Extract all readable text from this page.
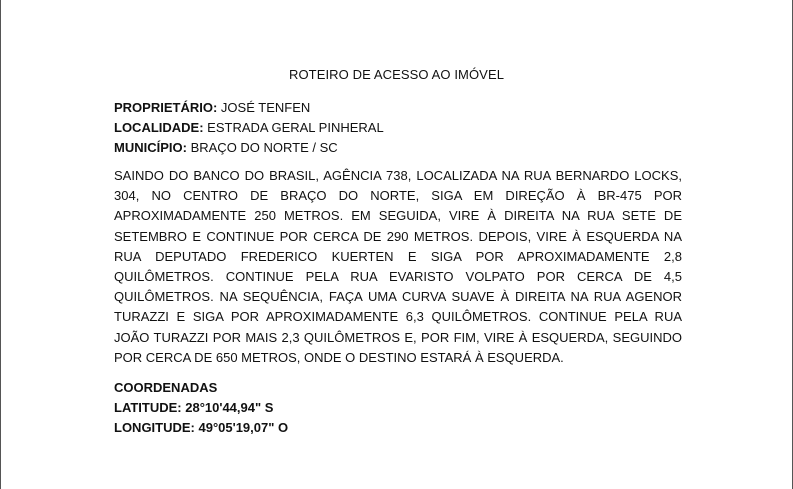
ROTEIRO DE ACESSO AO IMÓVEL
PROPRIETÁRIO: JOSÉ TENFEN
LOCALIDADE: ESTRADA GERAL PINHERAL
MUNICÍPIO: BRAÇO DO NORTE / SC
SAINDO DO BANCO DO BRASIL, AGÊNCIA 738, LOCALIZADA NA RUA BERNARDO LOCKS, 304, NO CENTRO DE BRAÇO DO NORTE, SIGA EM DIREÇÃO À BR-475 POR APROXIMADAMENTE 250 METROS. EM SEGUIDA, VIRE À DIREITA NA RUA SETE DE SETEMBRO E CONTINUE POR CERCA DE 290 METROS. DEPOIS, VIRE À ESQUERDA NA RUA DEPUTADO FREDERICO KUERTEN E SIGA POR APROXIMADAMENTE 2,8 QUILÔMETROS. CONTINUE PELA RUA EVARISTO VOLPATO POR CERCA DE 4,5 QUILÔMETROS. NA SEQUÊNCIA, FAÇA UMA CURVA SUAVE À DIREITA NA RUA AGENOR TURAZZI E SIGA POR APROXIMADAMENTE 6,3 QUILÔMETROS. CONTINUE PELA RUA JOÃO TURAZZI POR MAIS 2,3 QUILÔMETROS E, POR FIM, VIRE À ESQUERDA, SEGUINDO POR CERCA DE 650 METROS, ONDE O DESTINO ESTARÁ À ESQUERDA.
COORDENADAS
LATITUDE: 28°10'44,94" S
LONGITUDE: 49°05'19,07" O
